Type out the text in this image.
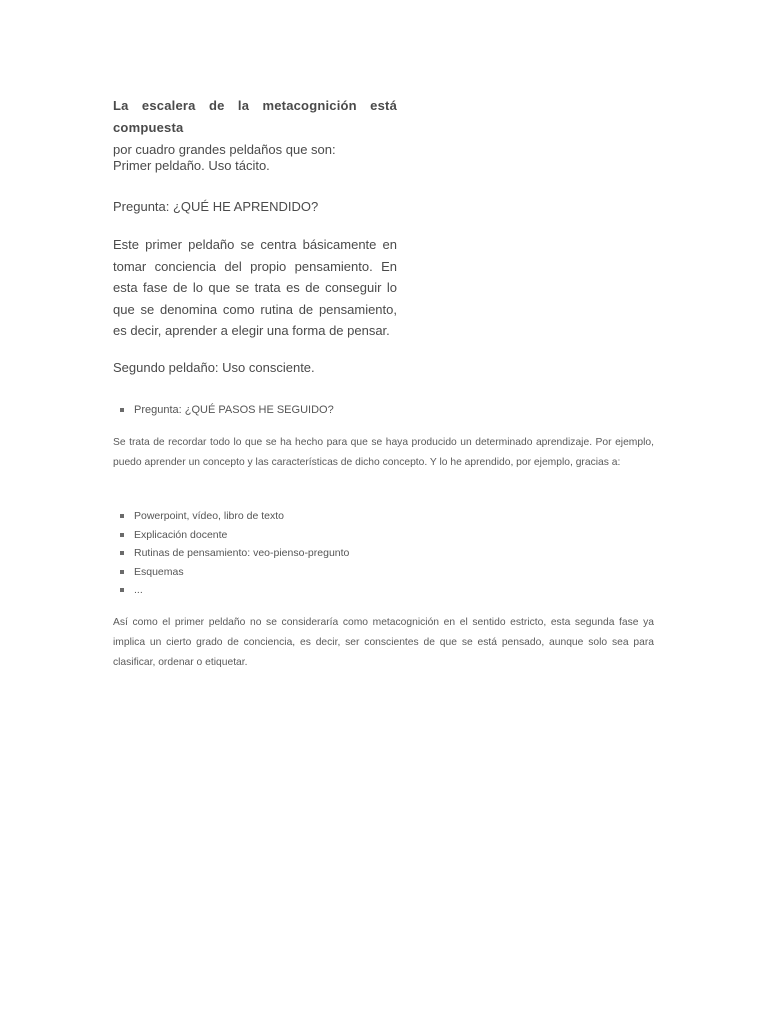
La escalera de la metacognición está compuesta
por cuadro grandes peldaños que son:
Primer peldaño. Uso tácito.
Pregunta: ¿QUÉ HE APRENDIDO?
Este primer peldaño se centra básicamente en tomar conciencia del propio pensamiento. En esta fase de lo que se trata es de conseguir lo que se denomina como rutina de pensamiento, es decir, aprender a elegir una forma de pensar.
Segundo peldaño: Uso consciente.
Pregunta: ¿QUÉ PASOS HE SEGUIDO?
Se trata de recordar todo lo que se ha hecho para que se haya producido un determinado aprendizaje. Por ejemplo, puedo aprender un concepto y las características de dicho concepto. Y lo he aprendido, por ejemplo, gracias a:
Powerpoint, vídeo, libro de texto
Explicación docente
Rutinas de pensamiento: veo-pienso-pregunto
Esquemas
...
Así como el primer peldaño no se consideraría como metacognición en el sentido estricto, esta segunda fase ya implica un cierto grado de conciencia, es decir, ser conscientes de que se está pensado, aunque solo sea para clasificar, ordenar o etiquetar.
